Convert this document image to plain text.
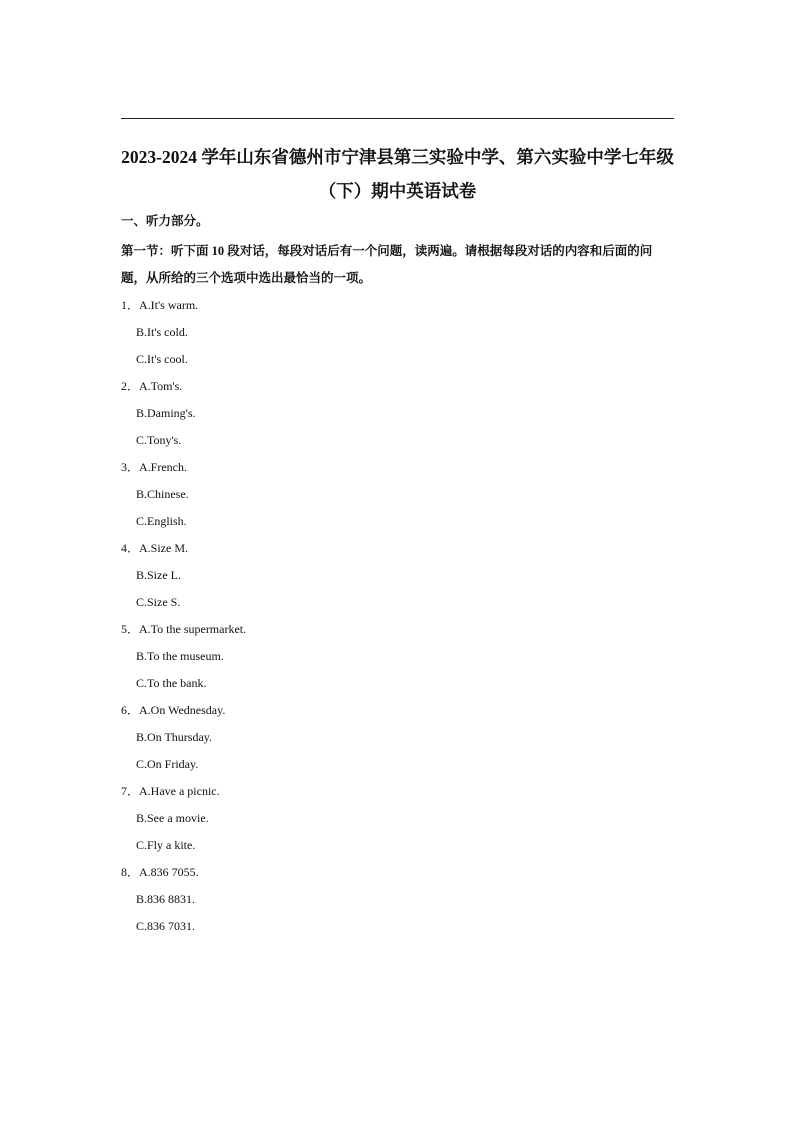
2023-2024 学年山东省德州市宁津县第三实验中学、第六实验中学七年级
（下）期中英语试卷
一、听力部分。
第一节：听下面 10 段对话，每段对话后有一个问题，读两遍。请根据每段对话的内容和后面的问题，从所给的三个选项中选出最恰当的一项。
1．A.It's warm.
B.It's cold.
C.It's cool.
2．A.Tom's.
B.Daming's.
C.Tony's.
3．A.French.
B.Chinese.
C.English.
4．A.Size M.
B.Size L.
C.Size S.
5．A.To the supermarket.
B.To the museum.
C.To the bank.
6．A.On Wednesday.
B.On Thursday.
C.On Friday.
7．A.Have a picnic.
B.See a movie.
C.Fly a kite.
8．A.836 7055.
B.836 8831.
C.836 7031.
